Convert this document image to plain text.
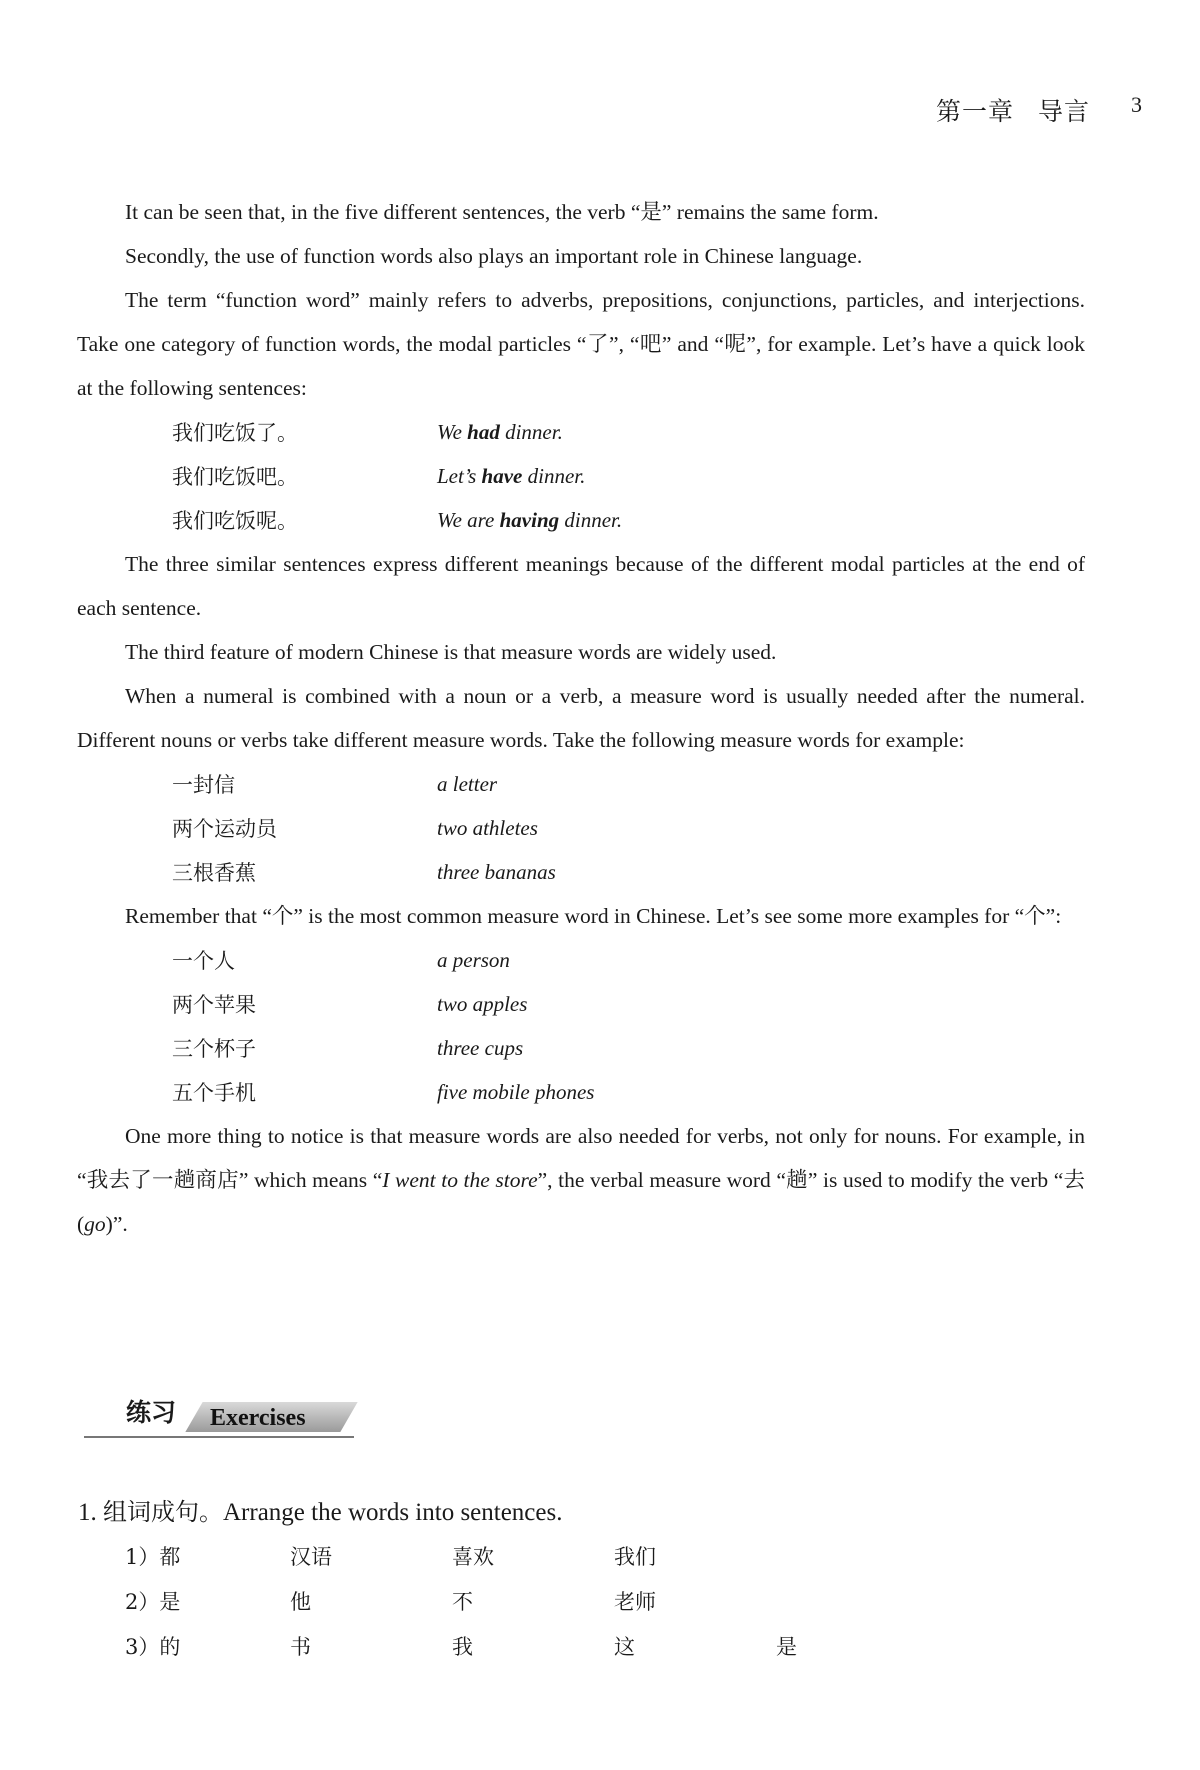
第一章 导言 3

It can be seen that, in the five different sentences, the verb “是” remains the same form.

Secondly, the use of function words also plays an important role in Chinese language.

The term “function word” mainly refers to adverbs, prepositions, conjunctions, particles, and interjections. Take one category of function words, the modal particles “了”, “吧” and “呢”, for example. Let’s have a quick look at the following sentences:

我们吃饭了。	We had dinner.
我们吃饭吧。	Let’s have dinner.
我们吃饭呢。	We are having dinner.

The three similar sentences express different meanings because of the different modal particles at the end of each sentence.

The third feature of modern Chinese is that measure words are widely used.

When a numeral is combined with a noun or a verb, a measure word is usually needed after the numeral. Different nouns or verbs take different measure words. Take the following measure words for example:

一封信	a letter
两个运动员	two athletes
三根香蕉	three bananas

Remember that “个” is the most common measure word in Chinese. Let’s see some more examples for “个”:

一个人	a person
两个苹果	two apples
三个杯子	three cups
五个手机	five mobile phones

One more thing to notice is that measure words are also needed for verbs, not only for nouns. For example, in “我去了一趟商店” which means “I went to the store”, the verbal measure word “趟” is used to modify the verb “去 (go)”.

练习 Exercises
1. 组词成句。Arrange the words into sentences.
1）都	汉语	喜欢	我们
2）是	他	不	老师
3）的	书	我	这	是
